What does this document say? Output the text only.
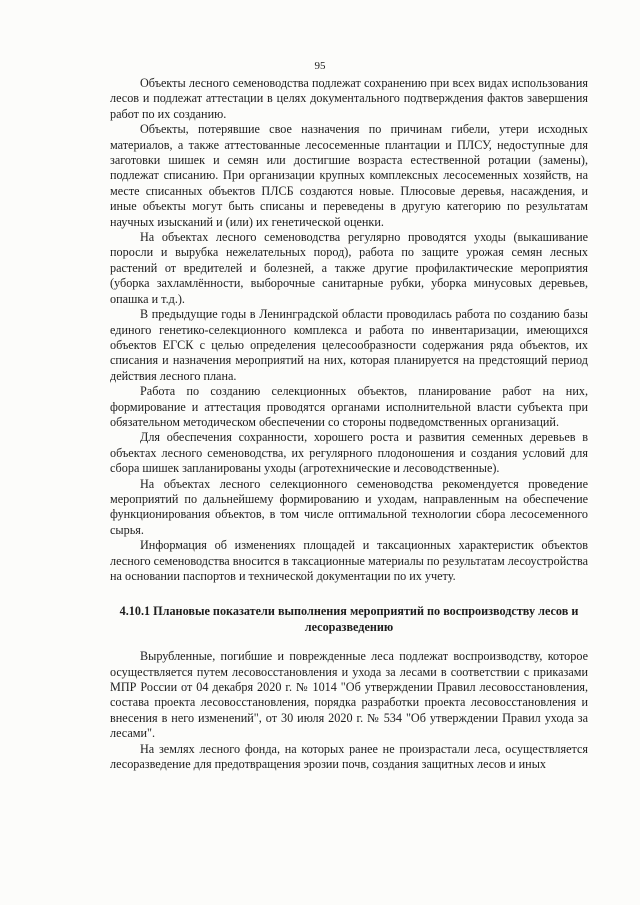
95

Объекты лесного семеноводства подлежат сохранению при всех видах использования лесов и подлежат аттестации в целях документального подтверждения фактов завершения работ по их созданию.

Объекты, потерявшие свое назначения по причинам гибели, утери исходных материалов, а также аттестованные лесосеменные плантации и ПЛСУ, недоступные для заготовки шишек и семян или достигшие возраста естественной ротации (замены), подлежат списанию. При организации крупных комплексных лесосеменных хозяйств, на месте списанных объектов ПЛСБ создаются новые. Плюсовые деревья, насаждения, и иные объекты могут быть списаны и переведены в другую категорию по результатам научных изысканий и (или) их генетической оценки.

На объектах лесного семеноводства регулярно проводятся уходы (выкашивание поросли и вырубка нежелательных пород), работа по защите урожая семян лесных растений от вредителей и болезней, а также другие профилактические мероприятия (уборка захламлённости, выборочные санитарные рубки, уборка минусовых деревьев, опашка и т.д.).

В предыдущие годы в Ленинградской области проводилась работа по созданию базы единого генетико-селекционного комплекса и работа по инвентаризации, имеющихся объектов ЕГСК с целью определения целесообразности содержания ряда объектов, их списания и назначения мероприятий на них, которая планируется на предстоящий период действия лесного плана.

Работа по созданию селекционных объектов, планирование работ на них, формирование и аттестация проводятся органами исполнительной власти субъекта при обязательном методическом обеспечении со стороны подведомственных организаций.

Для обеспечения сохранности, хорошего роста и развития семенных деревьев в объектах лесного семеноводства, их регулярного плодоношения и создания условий для сбора шишек запланированы уходы (агротехнические и лесоводственные).

На объектах лесного селекционного семеноводства рекомендуется проведение мероприятий по дальнейшему формированию и уходам, направленным на обеспечение функционирования объектов, в том числе оптимальной технологии сбора лесосеменного сырья.

Информация об изменениях площадей и таксационных характеристик объектов лесного семеноводства вносится в таксационные материалы по результатам лесоустройства на основании паспортов и технической документации по их учету.

4.10.1 Плановые показатели выполнения мероприятий по воспроизводству лесов и лесоразведению

Вырубленные, погибшие и поврежденные леса подлежат воспроизводству, которое осуществляется путем лесовосстановления и ухода за лесами в соответствии с приказами МПР России от 04 декабря 2020 г. № 1014 "Об утверждении Правил лесовосстановления, состава проекта лесовосстановления, порядка разработки проекта лесовосстановления и внесения в него изменений", от 30 июля 2020 г. № 534 "Об утверждении Правил ухода за лесами".

На землях лесного фонда, на которых ранее не произрастали леса, осуществляется лесоразведение для предотвращения эрозии почв, создания защитных лесов и иных
